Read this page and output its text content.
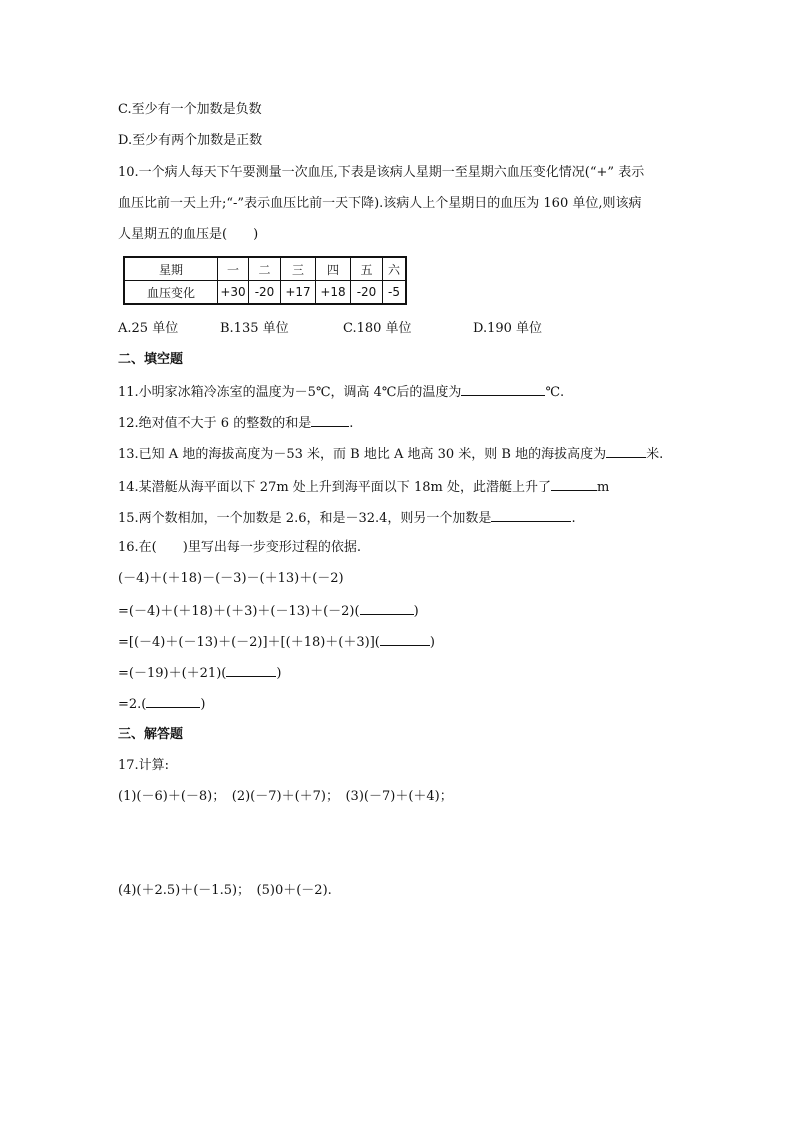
C.至少有一个加数是负数
D.至少有两个加数是正数
10.一个病人每天下午要测量一次血压,下表是该病人星期一至星期六血压变化情况(“+” 表示
血压比前一天上升;“-”表示血压比前一天下降).该病人上个星期日的血压为 160 单位,则该病
人星期五的血压是(　　)
星期	一	二	三	四	五	六
血压变化	+30	-20	+17	+18	-20	-5
A.25 单位	B.135 单位	C.180 单位	D.190 单位
二、填空题
11.小明家冰箱冷冻室的温度为－5℃，调高 4℃后的温度为	℃.
12.绝对值不大于 6 的整数的和是	.
13.已知 A 地的海拔高度为－53 米，而 B 地比 A 地高 30 米，则 B 地的海拔高度为	米.
14.某潜艇从海平面以下 27m 处上升到海平面以下 18m 处，此潜艇上升了	m
15.两个数相加，一个加数是 2.6，和是－32.4，则另一个加数是	.
16.在(　　)里写出每一步变形过程的依据.
(－4)＋(＋18)－(－3)－(＋13)＋(－2)
=(－4)＋(＋18)＋(＋3)＋(－13)＋(－2)(	)
=[(－4)＋(－13)＋(－2)]＋[(＋18)＋(＋3)](	)
=(－19)＋(＋21)(	)
=2.(	)
三、解答题
17.计算:
(1)(－6)＋(－8)；　(2)(－7)＋(＋7)；　(3)(－7)＋(＋4)；
(4)(＋2.5)＋(－1.5)；　(5)0＋(－2).
